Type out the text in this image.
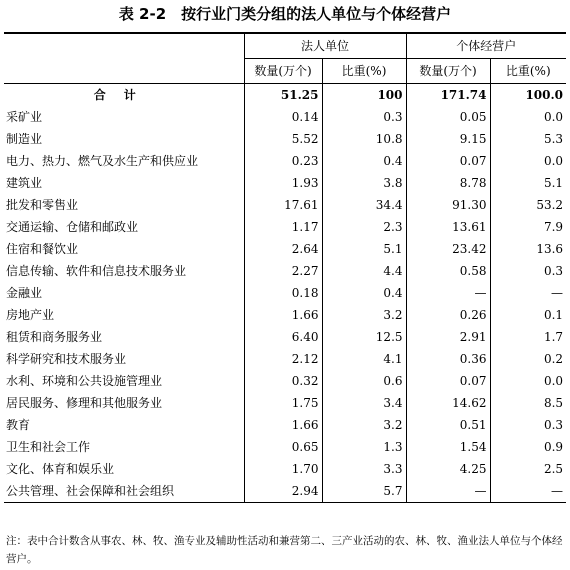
表 2-2　按行业门类分组的法人单位与个体经营户
	法人单位		个体经营户	
	数量(万个)	比重(%)	数量(万个)	比重(%)
合计	51.25	100	171.74	100.0
采矿业	0.14	0.3	0.05	0.0
制造业	5.52	10.8	9.15	5.3
电力、热力、燃气及水生产和供应业	0.23	0.4	0.07	0.0
建筑业	1.93	3.8	8.78	5.1
批发和零售业	17.61	34.4	91.30	53.2
交通运输、仓储和邮政业	1.17	2.3	13.61	7.9
住宿和餐饮业	2.64	5.1	23.42	13.6
信息传输、软件和信息技术服务业	2.27	4.4	0.58	0.3
金融业	0.18	0.4	—	—
房地产业	1.66	3.2	0.26	0.1
租赁和商务服务业	6.40	12.5	2.91	1.7
科学研究和技术服务业	2.12	4.1	0.36	0.2
水利、环境和公共设施管理业	0.32	0.6	0.07	0.0
居民服务、修理和其他服务业	1.75	3.4	14.62	8.5
教育	1.66	3.2	0.51	0.3
卫生和社会工作	0.65	1.3	1.54	0.9
文化、体育和娱乐业	1.70	3.3	4.25	2.5
公共管理、社会保障和社会组织	2.94	5.7	—	—
注：表中合计数含从事农、林、牧、渔专业及辅助性活动和兼营第二、三产业活动的农、林、牧、渔业法人单位与个体经营户。
